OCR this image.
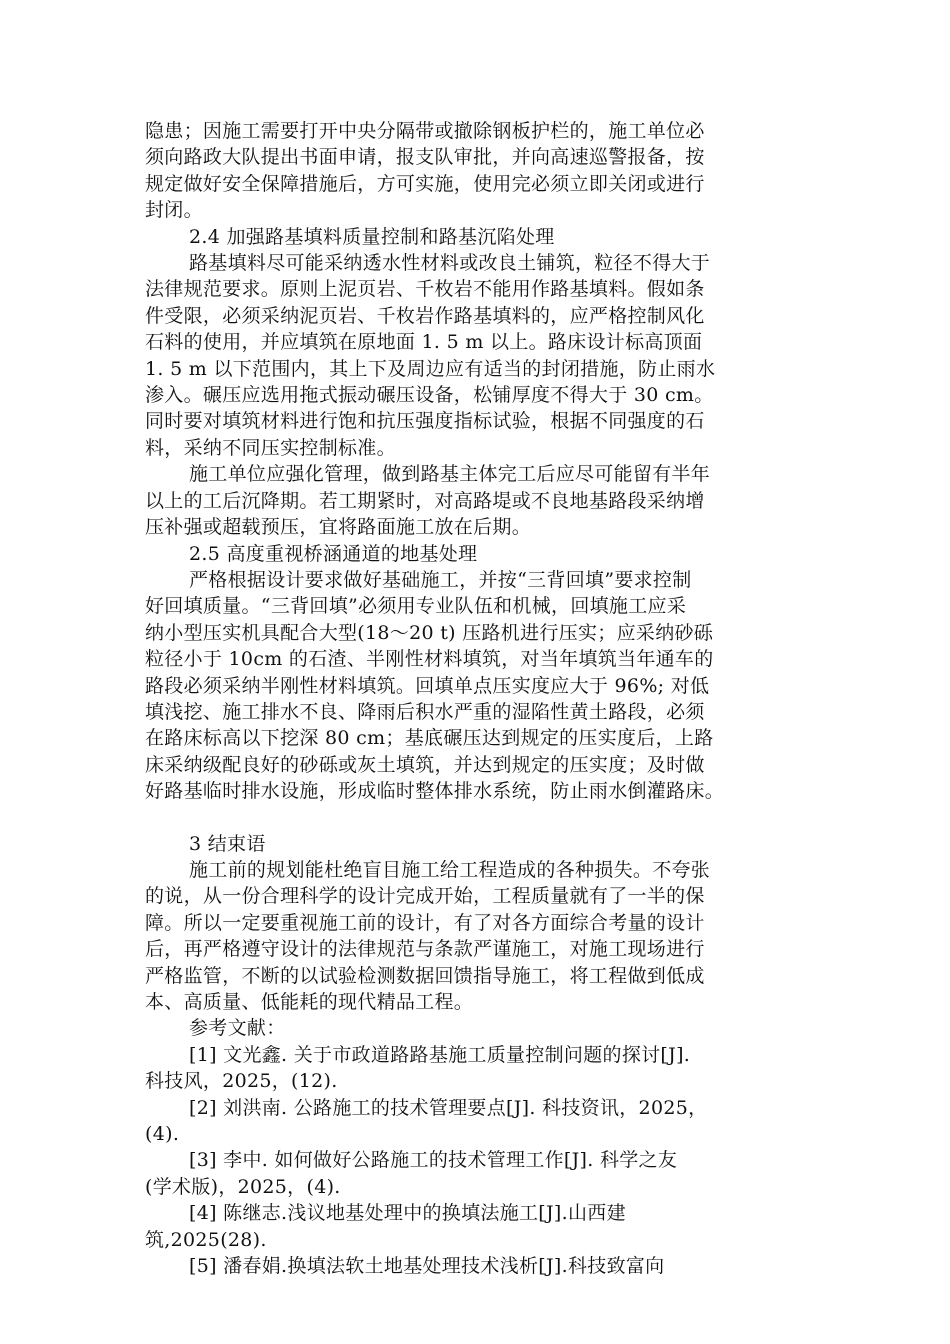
隐患；因施工需要打开中央分隔带或撤除钢板护栏的，施工单位必

须向路政大队提出书面申请，报支队审批，并向高速巡警报备，按

规定做好安全保障措施后，方可实施，使用完必须立即关闭或进行

封闭。

2.4 加强路基填料质量控制和路基沉陷处理

路基填料尽可能采纳透水性材料或改良土铺筑，粒径不得大于

法律规范要求。原则上泥页岩、千枚岩不能用作路基填料。假如条

件受限，必须采纳泥页岩、千枚岩作路基填料的，应严格控制风化

石料的使用，并应填筑在原地面 1. 5 m 以上。路床设计标高顶面

1. 5 m 以下范围内，其上下及周边应有适当的封闭措施，防止雨水

渗入。碾压应选用拖式振动碾压设备，松铺厚度不得大于 30 cm。

同时要对填筑材料进行饱和抗压强度指标试验，根据不同强度的石

料，采纳不同压实控制标准。

施工单位应强化管理，做到路基主体完工后应尽可能留有半年

以上的工后沉降期。若工期紧时，对高路堤或不良地基路段采纳增

压补强或超载预压，宜将路面施工放在后期。

2.5 高度重视桥涵通道的地基处理

严格根据设计要求做好基础施工，并按“三背回填”要求控制

好回填质量。“三背回填”必须用专业队伍和机械，回填施工应采

纳小型压实机具配合大型(18～20 t) 压路机进行压实；应采纳砂砾

粒径小于 10cm 的石渣、半刚性材料填筑，对当年填筑当年通车的

路段必须采纳半刚性材料填筑。回填单点压实度应大于 96%; 对低

填浅挖、施工排水不良、降雨后积水严重的湿陷性黄土路段，必须

在路床标高以下挖深 80 cm；基底碾压达到规定的压实度后，上路

床采纳级配良好的砂砾或灰土填筑，并达到规定的压实度；及时做

好路基临时排水设施，形成临时整体排水系统，防止雨水倒灌路床。

3 结束语

施工前的规划能杜绝盲目施工给工程造成的各种损失。不夸张

的说，从一份合理科学的设计完成开始，工程质量就有了一半的保

障。所以一定要重视施工前的设计，有了对各方面综合考量的设计

后，再严格遵守设计的法律规范与条款严谨施工，对施工现场进行

严格监管，不断的以试验检测数据回馈指导施工，将工程做到低成

本、高质量、低能耗的现代精品工程。

参考文献：

[1] 文光鑫. 关于市政道路路基施工质量控制问题的探讨[J].

科技风，2025，(12).

[2] 刘洪南. 公路施工的技术管理要点[J]. 科技资讯，2025，

(4).

[3] 李中. 如何做好公路施工的技术管理工作[J]. 科学之友

(学术版)，2025，(4).

[4] 陈继志.浅议地基处理中的换填法施工[J].山西建

筑,2025(28).

[5] 潘春娟.换填法软土地基处理技术浅析[J].科技致富向
